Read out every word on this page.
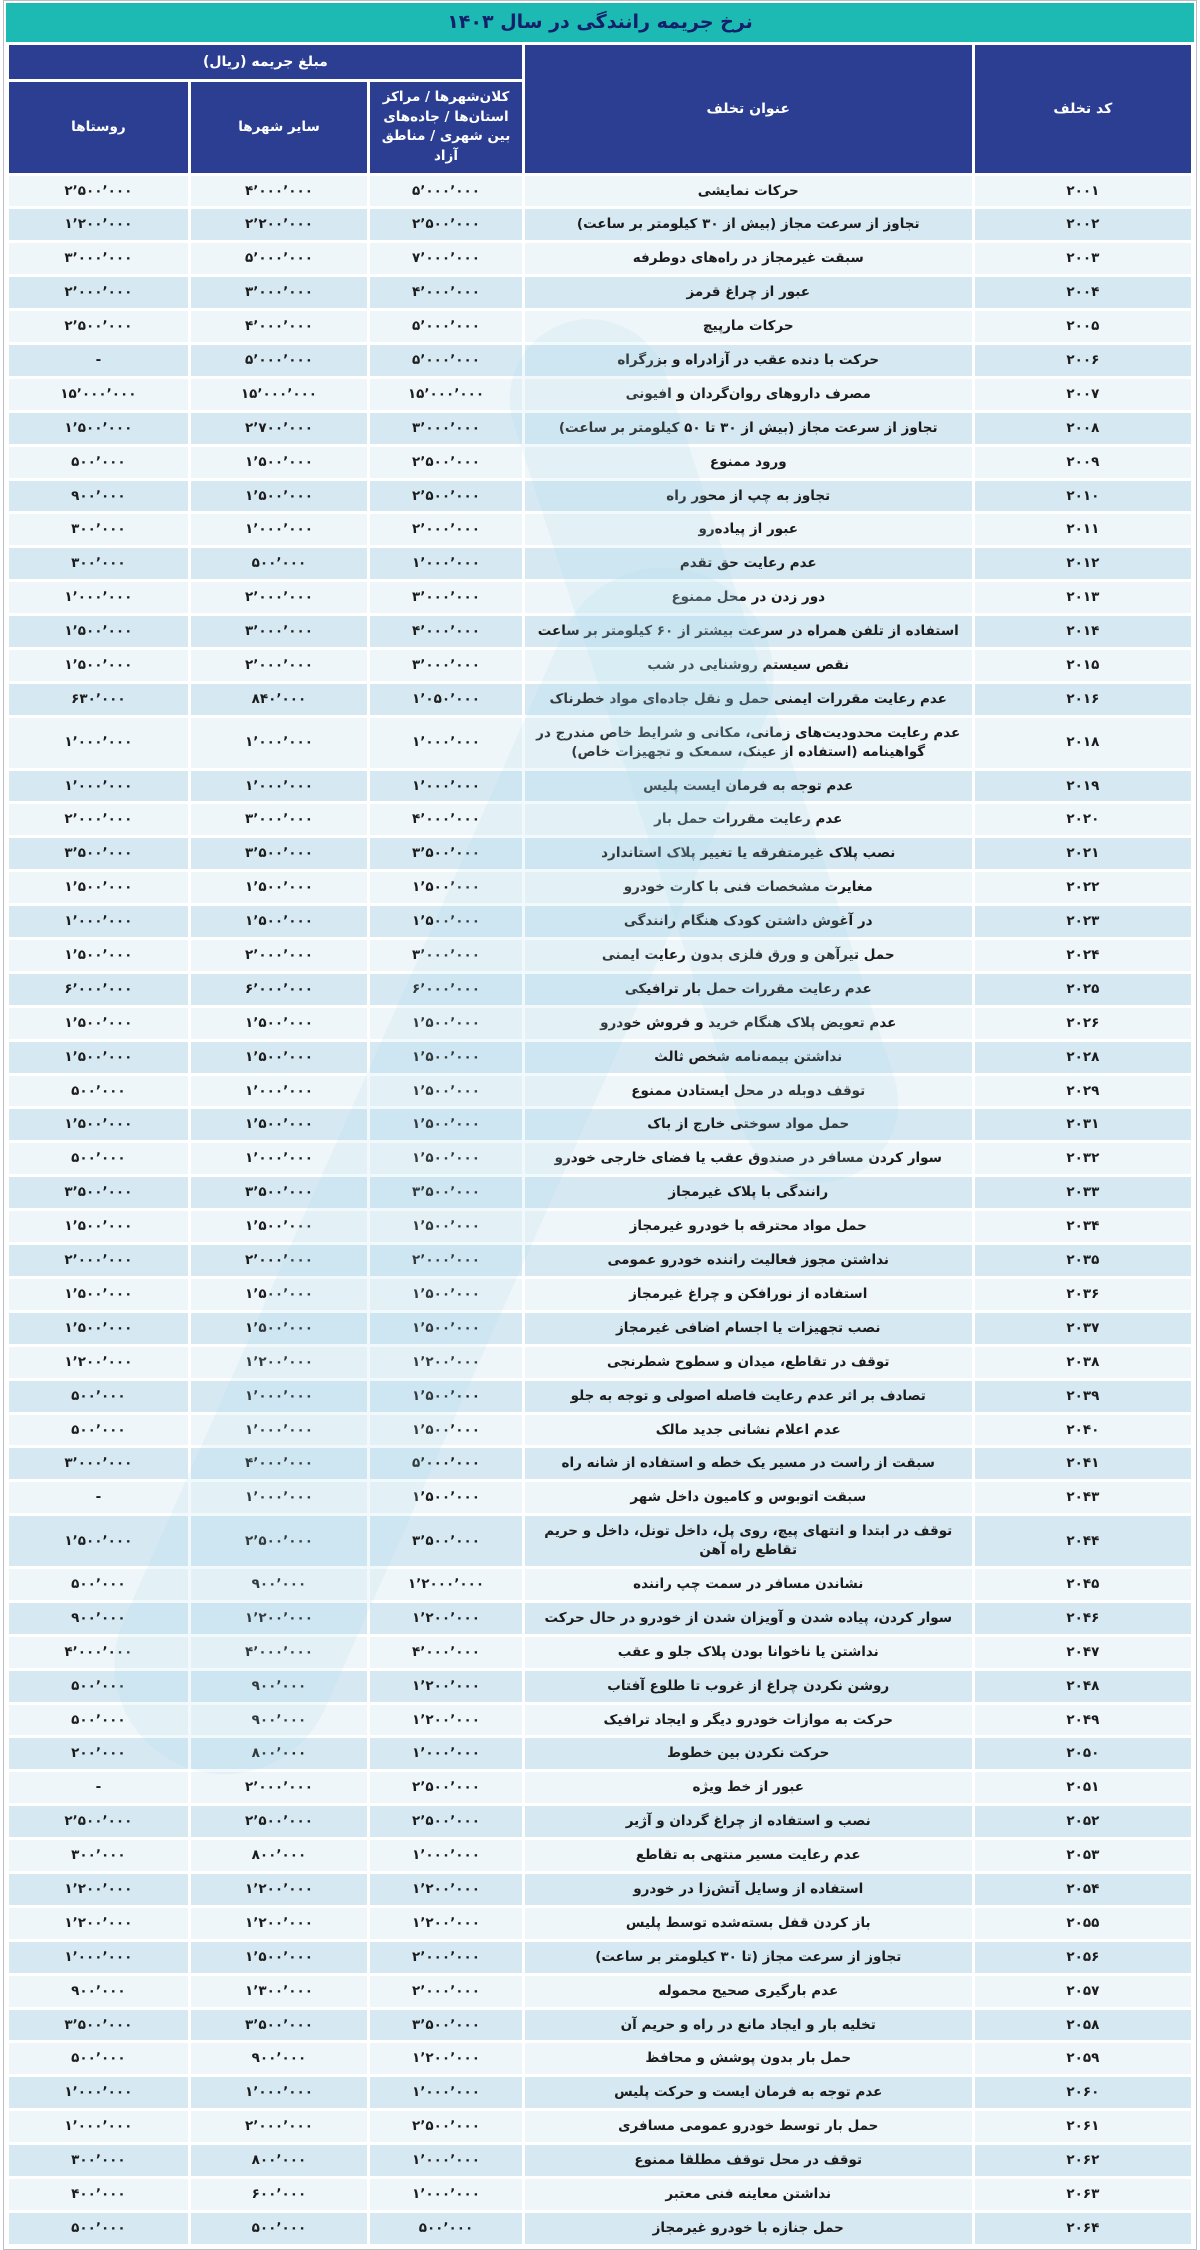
نرخ جریمه رانندگی در سال ۱۴۰۳
کد تخلف	عنوان تخلف	مبلغ جریمه (ریال)		
		کلان‌شهرها / مراکز استان‌ها / جاده‌های بین شهری / مناطق آزاد	سایر شهرها	روستاها
۲۰۰۱	حرکات نمایشی	۵٬۰۰۰٬۰۰۰	۴٬۰۰۰٬۰۰۰	۲٬۵۰۰٬۰۰۰
۲۰۰۲	تجاوز از سرعت مجاز (بیش از ۳۰ کیلومتر بر ساعت)	۲٬۵۰۰٬۰۰۰	۲٬۲۰۰٬۰۰۰	۱٬۲۰۰٬۰۰۰
۲۰۰۳	سبقت غیرمجاز در راه‌های دوطرفه	۷٬۰۰۰٬۰۰۰	۵٬۰۰۰٬۰۰۰	۳٬۰۰۰٬۰۰۰
۲۰۰۴	عبور از چراغ قرمز	۴٬۰۰۰٬۰۰۰	۳٬۰۰۰٬۰۰۰	۲٬۰۰۰٬۰۰۰
۲۰۰۵	حرکات مارپیچ	۵٬۰۰۰٬۰۰۰	۴٬۰۰۰٬۰۰۰	۲٬۵۰۰٬۰۰۰
۲۰۰۶	حرکت با دنده عقب در آزادراه و بزرگراه	۵٬۰۰۰٬۰۰۰	۵٬۰۰۰٬۰۰۰	-
۲۰۰۷	مصرف داروهای روان‌گردان و افیونی	۱۵٬۰۰۰٬۰۰۰	۱۵٬۰۰۰٬۰۰۰	۱۵٬۰۰۰٬۰۰۰
۲۰۰۸	تجاوز از سرعت مجاز (بیش از ۳۰ تا ۵۰ کیلومتر بر ساعت)	۳٬۰۰۰٬۰۰۰	۲٬۷۰۰٬۰۰۰	۱٬۵۰۰٬۰۰۰
۲۰۰۹	ورود ممنوع	۲٬۵۰۰٬۰۰۰	۱٬۵۰۰٬۰۰۰	۵۰۰٬۰۰۰
۲۰۱۰	تجاوز به چپ از محور راه	۲٬۵۰۰٬۰۰۰	۱٬۵۰۰٬۰۰۰	۹۰۰٬۰۰۰
۲۰۱۱	عبور از پیاده‌رو	۲٬۰۰۰٬۰۰۰	۱٬۰۰۰٬۰۰۰	۳۰۰٬۰۰۰
۲۰۱۲	عدم رعایت حق تقدم	۱٬۰۰۰٬۰۰۰	۵۰۰٬۰۰۰	۳۰۰٬۰۰۰
۲۰۱۳	دور زدن در محل ممنوع	۳٬۰۰۰٬۰۰۰	۲٬۰۰۰٬۰۰۰	۱٬۰۰۰٬۰۰۰
۲۰۱۴	استفاده از تلفن همراه در سرعت بیشتر از ۶۰ کیلومتر بر ساعت	۴٬۰۰۰٬۰۰۰	۳٬۰۰۰٬۰۰۰	۱٬۵۰۰٬۰۰۰
۲۰۱۵	نقص سیستم روشنایی در شب	۳٬۰۰۰٬۰۰۰	۲٬۰۰۰٬۰۰۰	۱٬۵۰۰٬۰۰۰
۲۰۱۶	عدم رعایت مقررات ایمنی حمل و نقل جاده‌ای مواد خطرناک	۱٬۰۵۰٬۰۰۰	۸۴۰٬۰۰۰	۶۳۰٬۰۰۰
۲۰۱۸	عدم رعایت محدودیت‌های زمانی، مکانی و شرایط خاص مندرج در گواهینامه (استفاده از عینک، سمعک و تجهیزات خاص)	۱٬۰۰۰٬۰۰۰	۱٬۰۰۰٬۰۰۰	۱٬۰۰۰٬۰۰۰
۲۰۱۹	عدم توجه به فرمان ایست پلیس	۱٬۰۰۰٬۰۰۰	۱٬۰۰۰٬۰۰۰	۱٬۰۰۰٬۰۰۰
۲۰۲۰	عدم رعایت مقررات حمل بار	۴٬۰۰۰٬۰۰۰	۳٬۰۰۰٬۰۰۰	۲٬۰۰۰٬۰۰۰
۲۰۲۱	نصب پلاک غیرمتفرقه یا تغییر پلاک استاندارد	۳٬۵۰۰٬۰۰۰	۳٬۵۰۰٬۰۰۰	۳٬۵۰۰٬۰۰۰
۲۰۲۲	مغایرت مشخصات فنی با کارت خودرو	۱٬۵۰۰٬۰۰۰	۱٬۵۰۰٬۰۰۰	۱٬۵۰۰٬۰۰۰
۲۰۲۳	در آغوش داشتن کودک هنگام رانندگی	۱٬۵۰۰٬۰۰۰	۱٬۵۰۰٬۰۰۰	۱٬۰۰۰٬۰۰۰
۲۰۲۴	حمل تیرآهن و ورق فلزی بدون رعایت ایمنی	۳٬۰۰۰٬۰۰۰	۲٬۰۰۰٬۰۰۰	۱٬۵۰۰٬۰۰۰
۲۰۲۵	عدم رعایت مقررات حمل بار ترافیکی	۶٬۰۰۰٬۰۰۰	۶٬۰۰۰٬۰۰۰	۶٬۰۰۰٬۰۰۰
۲۰۲۶	عدم تعویض پلاک هنگام خرید و فروش خودرو	۱٬۵۰۰٬۰۰۰	۱٬۵۰۰٬۰۰۰	۱٬۵۰۰٬۰۰۰
۲۰۲۸	نداشتن بیمه‌نامه شخص ثالث	۱٬۵۰۰٬۰۰۰	۱٬۵۰۰٬۰۰۰	۱٬۵۰۰٬۰۰۰
۲۰۲۹	توقف دوبله در محل ایستادن ممنوع	۱٬۵۰۰٬۰۰۰	۱٬۰۰۰٬۰۰۰	۵۰۰٬۰۰۰
۲۰۳۱	حمل مواد سوختی خارج از باک	۱٬۵۰۰٬۰۰۰	۱٬۵۰۰٬۰۰۰	۱٬۵۰۰٬۰۰۰
۲۰۳۲	سوار کردن مسافر در صندوق عقب یا فضای خارجی خودرو	۱٬۵۰۰٬۰۰۰	۱٬۰۰۰٬۰۰۰	۵۰۰٬۰۰۰
۲۰۳۳	رانندگی با پلاک غیرمجاز	۳٬۵۰۰٬۰۰۰	۳٬۵۰۰٬۰۰۰	۳٬۵۰۰٬۰۰۰
۲۰۳۴	حمل مواد محترقه با خودرو غیرمجاز	۱٬۵۰۰٬۰۰۰	۱٬۵۰۰٬۰۰۰	۱٬۵۰۰٬۰۰۰
۲۰۳۵	نداشتن مجوز فعالیت راننده خودرو عمومی	۲٬۰۰۰٬۰۰۰	۲٬۰۰۰٬۰۰۰	۲٬۰۰۰٬۰۰۰
۲۰۳۶	استفاده از نورافکن و چراغ غیرمجاز	۱٬۵۰۰٬۰۰۰	۱٬۵۰۰٬۰۰۰	۱٬۵۰۰٬۰۰۰
۲۰۳۷	نصب تجهیزات یا اجسام اضافی غیرمجاز	۱٬۵۰۰٬۰۰۰	۱٬۵۰۰٬۰۰۰	۱٬۵۰۰٬۰۰۰
۲۰۳۸	توقف در تقاطع، میدان و سطوح شطرنجی	۱٬۲۰۰٬۰۰۰	۱٬۲۰۰٬۰۰۰	۱٬۲۰۰٬۰۰۰
۲۰۳۹	تصادف بر اثر عدم رعایت فاصله اصولی و توجه به جلو	۱٬۵۰۰٬۰۰۰	۱٬۰۰۰٬۰۰۰	۵۰۰٬۰۰۰
۲۰۴۰	عدم اعلام نشانی جدید مالک	۱٬۵۰۰٬۰۰۰	۱٬۰۰۰٬۰۰۰	۵۰۰٬۰۰۰
۲۰۴۱	سبقت از راست در مسیر یک خطه و استفاده از شانه راه	۵٬۰۰۰٬۰۰۰	۴٬۰۰۰٬۰۰۰	۳٬۰۰۰٬۰۰۰
۲۰۴۳	سبقت اتوبوس و کامیون داخل شهر	۱٬۵۰۰٬۰۰۰	۱٬۰۰۰٬۰۰۰	-
۲۰۴۴	توقف در ابتدا و انتهای پیچ، روی پل، داخل تونل، داخل و حریم تقاطع راه آهن	۳٬۵۰۰٬۰۰۰	۲٬۵۰۰٬۰۰۰	۱٬۵۰۰٬۰۰۰
۲۰۴۵	نشاندن مسافر در سمت چپ راننده	۱٬۲۰۰۰٬۰۰۰	۹۰۰٬۰۰۰	۵۰۰٬۰۰۰
۲۰۴۶	سوار کردن، پیاده شدن و آویزان شدن از خودرو در حال حرکت	۱٬۲۰۰٬۰۰۰	۱٬۲۰۰٬۰۰۰	۹۰۰٬۰۰۰
۲۰۴۷	نداشتن یا ناخوانا بودن پلاک جلو و عقب	۴٬۰۰۰٬۰۰۰	۴٬۰۰۰٬۰۰۰	۴٬۰۰۰٬۰۰۰
۲۰۴۸	روشن نکردن چراغ از غروب تا طلوع آفتاب	۱٬۲۰۰٬۰۰۰	۹۰۰٬۰۰۰	۵۰۰٬۰۰۰
۲۰۴۹	حرکت به موازات خودرو دیگر و ایجاد ترافیک	۱٬۲۰۰٬۰۰۰	۹۰۰٬۰۰۰	۵۰۰٬۰۰۰
۲۰۵۰	حرکت نکردن بین خطوط	۱٬۰۰۰٬۰۰۰	۸۰۰٬۰۰۰	۲۰۰٬۰۰۰
۲۰۵۱	عبور از خط ویژه	۲٬۵۰۰٬۰۰۰	۲٬۰۰۰٬۰۰۰	-
۲۰۵۲	نصب و استفاده از چراغ گردان و آژیر	۲٬۵۰۰٬۰۰۰	۲٬۵۰۰٬۰۰۰	۲٬۵۰۰٬۰۰۰
۲۰۵۳	عدم رعایت مسیر منتهی به تقاطع	۱٬۰۰۰٬۰۰۰	۸۰۰٬۰۰۰	۳۰۰٬۰۰۰
۲۰۵۴	استفاده از وسایل آتش‌زا در خودرو	۱٬۲۰۰٬۰۰۰	۱٬۲۰۰٬۰۰۰	۱٬۲۰۰٬۰۰۰
۲۰۵۵	باز کردن قفل بسته‌شده توسط پلیس	۱٬۲۰۰٬۰۰۰	۱٬۲۰۰٬۰۰۰	۱٬۲۰۰٬۰۰۰
۲۰۵۶	تجاوز از سرعت مجاز (تا ۳۰ کیلومتر بر ساعت)	۲٬۰۰۰٬۰۰۰	۱٬۵۰۰٬۰۰۰	۱٬۰۰۰٬۰۰۰
۲۰۵۷	عدم بارگیری صحیح محموله	۲٬۰۰۰٬۰۰۰	۱٬۳۰۰٬۰۰۰	۹۰۰٬۰۰۰
۲۰۵۸	تخلیه بار و ایجاد مانع در راه و حریم آن	۳٬۵۰۰٬۰۰۰	۳٬۵۰۰٬۰۰۰	۳٬۵۰۰٬۰۰۰
۲۰۵۹	حمل بار بدون پوشش و محافظ	۱٬۲۰۰٬۰۰۰	۹۰۰٬۰۰۰	۵۰۰٬۰۰۰
۲۰۶۰	عدم توجه به فرمان ایست و حرکت پلیس	۱٬۰۰۰٬۰۰۰	۱٬۰۰۰٬۰۰۰	۱٬۰۰۰٬۰۰۰
۲۰۶۱	حمل بار توسط خودرو عمومی مسافری	۲٬۵۰۰٬۰۰۰	۲٬۰۰۰٬۰۰۰	۱٬۰۰۰٬۰۰۰
۲۰۶۲	توقف در محل توقف مطلقا ممنوع	۱٬۰۰۰٬۰۰۰	۸۰۰٬۰۰۰	۳۰۰٬۰۰۰
۲۰۶۳	نداشتن معاینه فنی معتبر	۱٬۰۰۰٬۰۰۰	۶۰۰٬۰۰۰	۴۰۰٬۰۰۰
۲۰۶۴	حمل جنازه با خودرو غیرمجاز	۵۰۰٬۰۰۰	۵۰۰٬۰۰۰	۵۰۰٬۰۰۰
